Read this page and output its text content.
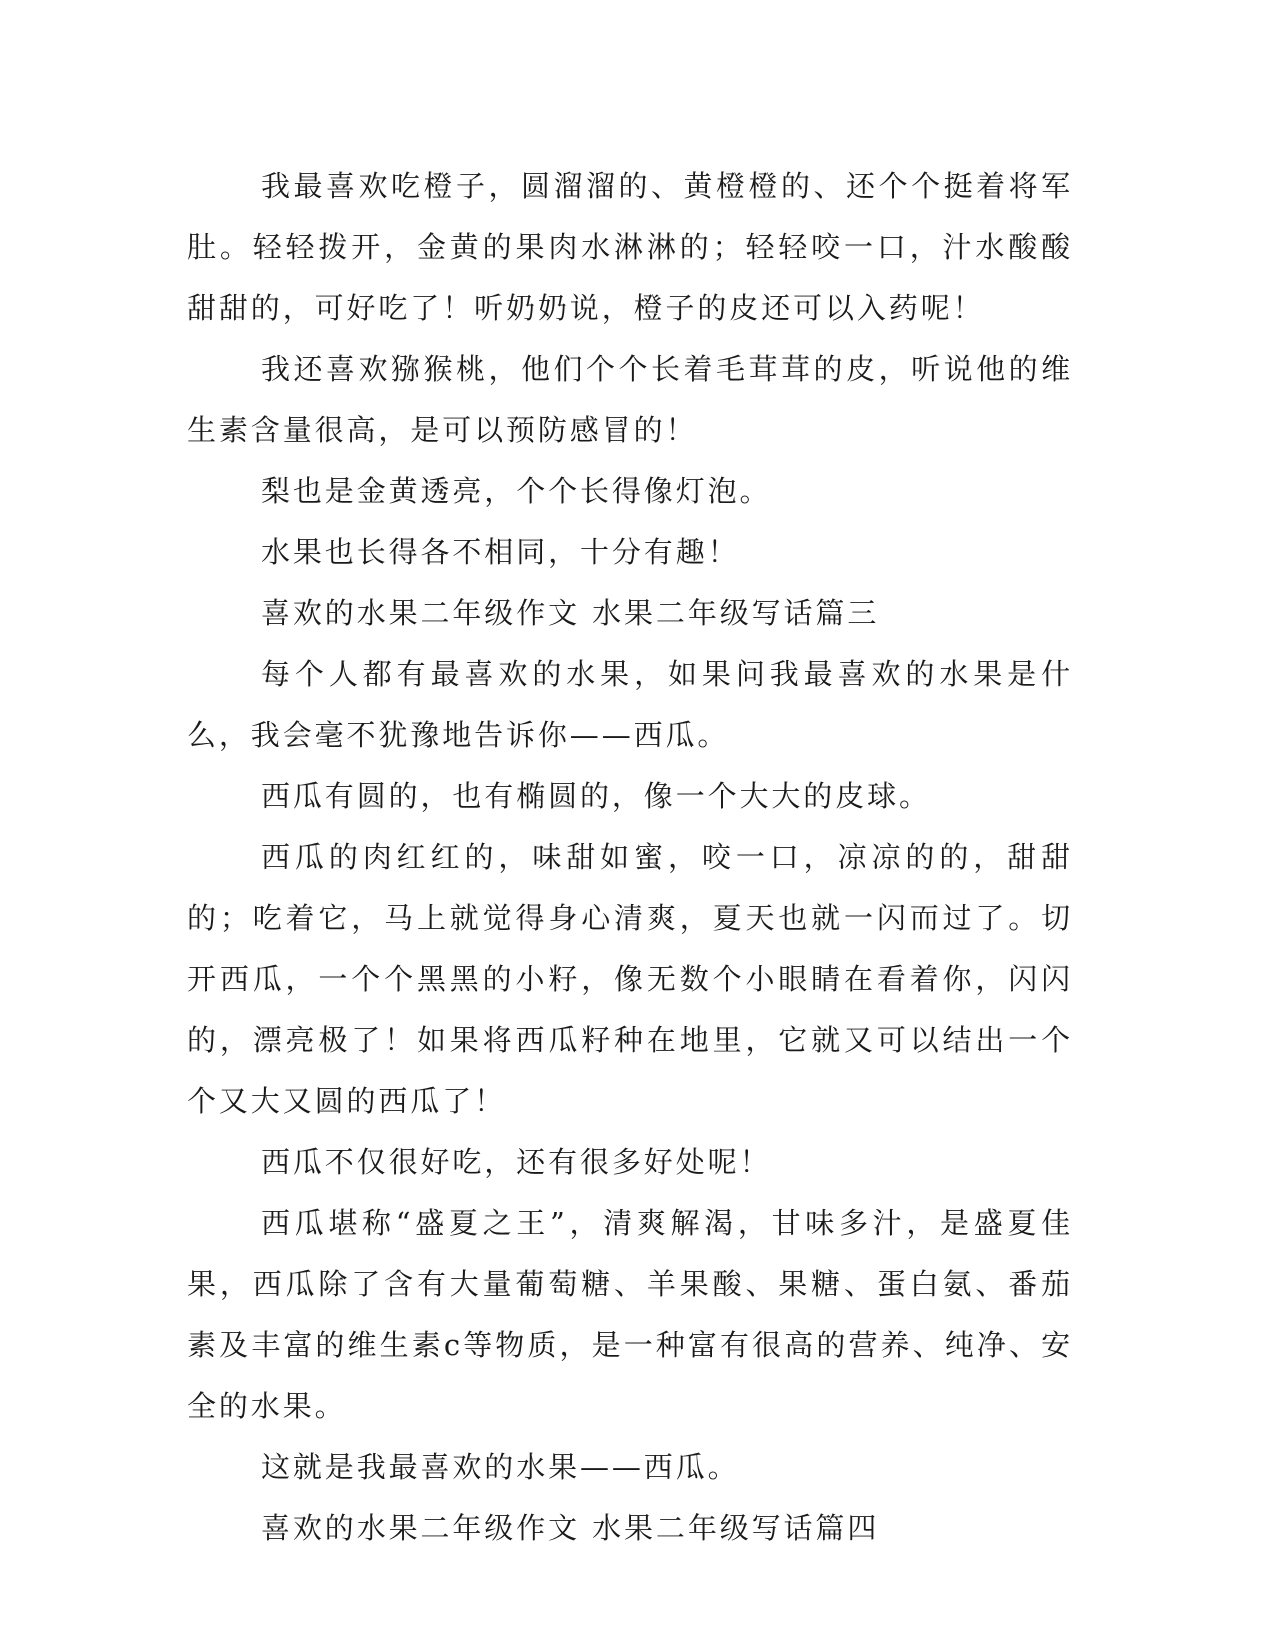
我最喜欢吃橙子，圆溜溜的、黄橙橙的、还个个挺着将军肚。轻轻拨开，金黄的果肉水淋淋的；轻轻咬一口，汁水酸酸甜甜的，可好吃了！听奶奶说，橙子的皮还可以入药呢！

我还喜欢猕猴桃，他们个个长着毛茸茸的皮，听说他的维生素含量很高，是可以预防感冒的！

梨也是金黄透亮，个个长得像灯泡。

水果也长得各不相同，十分有趣！

喜欢的水果二年级作文 水果二年级写话篇三

每个人都有最喜欢的水果，如果问我最喜欢的水果是什么，我会毫不犹豫地告诉你——西瓜。

西瓜有圆的，也有椭圆的，像一个大大的皮球。

西瓜的肉红红的，味甜如蜜，咬一口，凉凉的的，甜甜的；吃着它，马上就觉得身心清爽，夏天也就一闪而过了。切开西瓜，一个个黑黑的小籽，像无数个小眼睛在看着你，闪闪的，漂亮极了！如果将西瓜籽种在地里，它就又可以结出一个个又大又圆的西瓜了！

西瓜不仅很好吃，还有很多好处呢！

西瓜堪称“盛夏之王”，清爽解渴，甘味多汁，是盛夏佳果，西瓜除了含有大量葡萄糖、羊果酸、果糖、蛋白氨、番茄素及丰富的维生素c等物质，是一种富有很高的营养、纯净、安全的水果。

这就是我最喜欢的水果——西瓜。

喜欢的水果二年级作文 水果二年级写话篇四
